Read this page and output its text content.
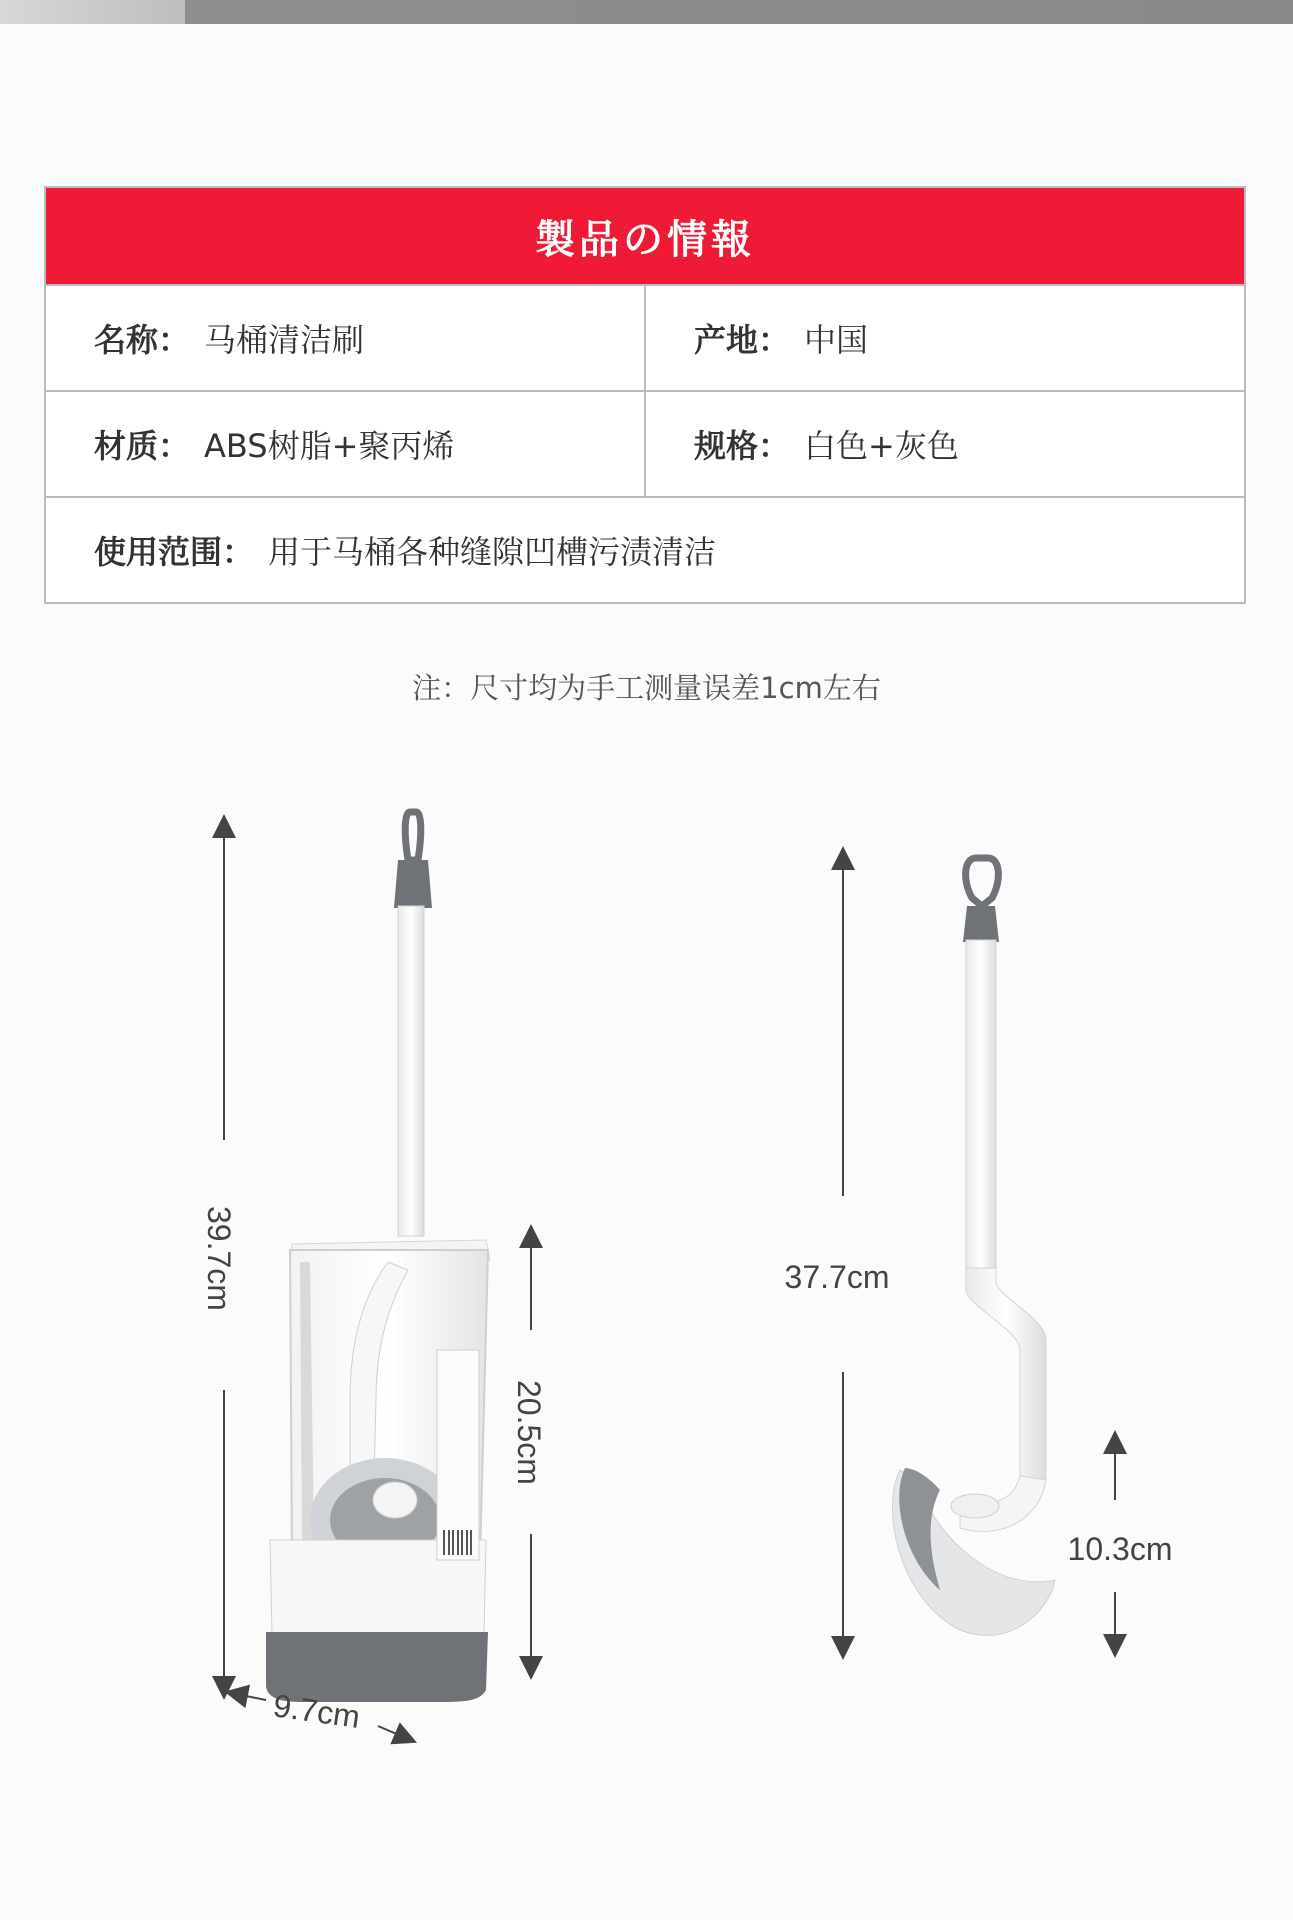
製品の情報
名称： 马桶清洁刷	产地： 中国
材质： ABS树脂+聚丙烯	规格： 白色+灰色
使用范围： 用于马桶各种缝隙凹槽污渍清洁
注：尺寸均为手工测量误差1cm左右
39.7cm
20.5cm
9.7cm
37.7cm
10.3cm
